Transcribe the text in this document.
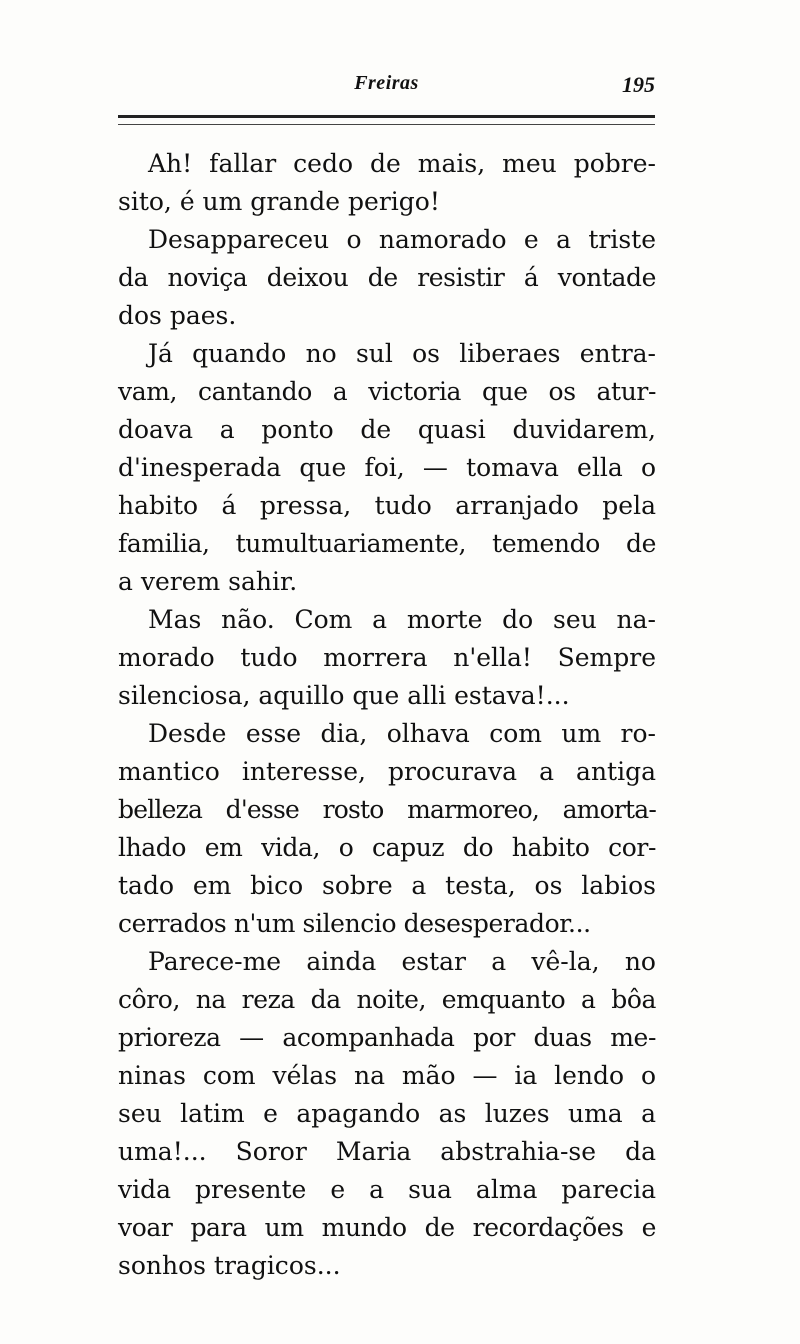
Freiras	195
Ah! fallar cedo de mais, meu pobre-
sito, é um grande perigo!
Desappareceu o namorado e a triste
da noviça deixou de resistir á vontade
dos paes.
Já quando no sul os liberaes entra-
vam, cantando a victoria que os atur-
doava a ponto de quasi duvidarem,
d'inesperada que foi, — tomava ella o
habito á pressa, tudo arranjado pela
familia, tumultuariamente, temendo de
a verem sahir.
Mas não. Com a morte do seu na-
morado tudo morrera n'ella! Sempre
silenciosa, aquillo que alli estava!...
Desde esse dia, olhava com um ro-
mantico interesse, procurava a antiga
belleza d'esse rosto marmoreo, amorta-
lhado em vida, o capuz do habito cor-
tado em bico sobre a testa, os labios
cerrados n'um silencio desesperador...
Parece-me ainda estar a vê-la, no
côro, na reza da noite, emquanto a bôa
prioreza — acompanhada por duas me-
ninas com vélas na mão — ia lendo o
seu latim e apagando as luzes uma a
uma!... Soror Maria abstrahia-se da
vida presente e a sua alma parecia
voar para um mundo de recordações e
sonhos tragicos...
